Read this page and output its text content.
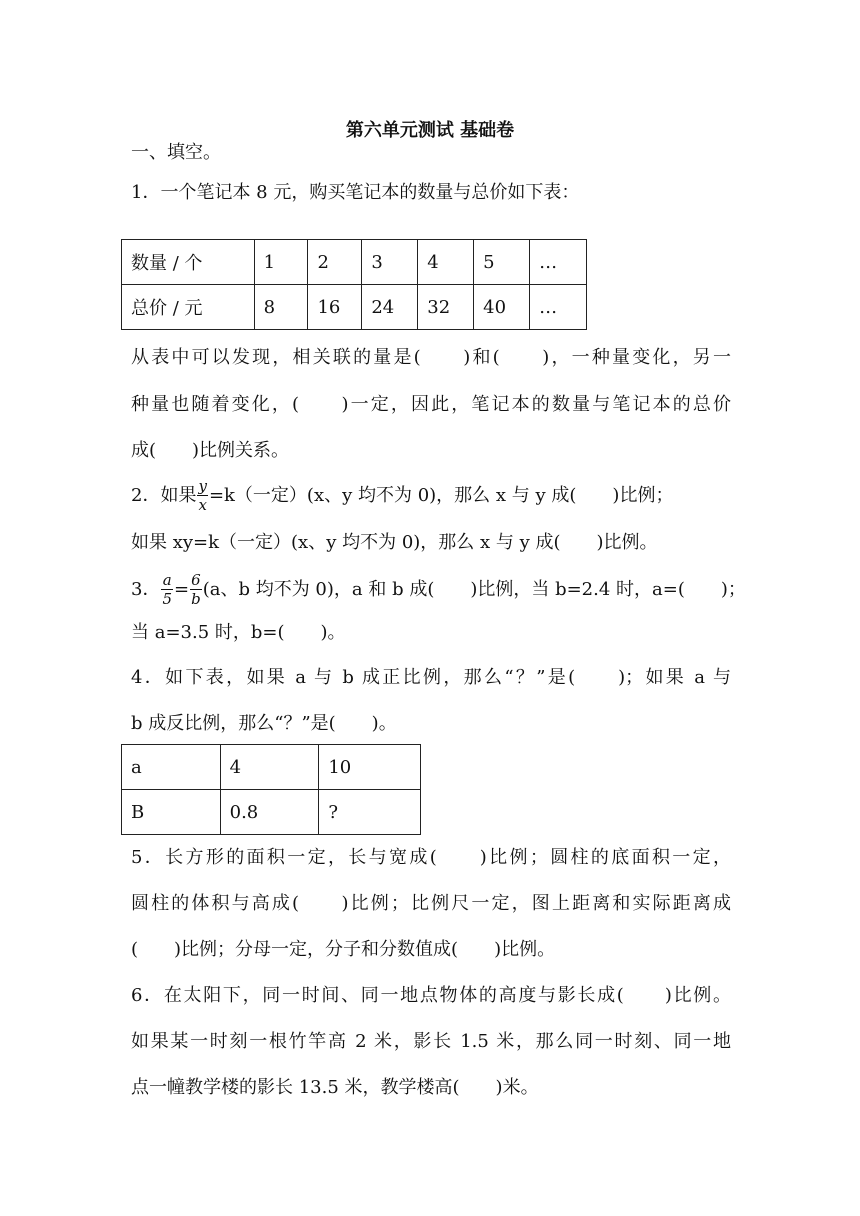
第六单元测试 基础卷
一、填空。
1．一个笔记本 8 元，购买笔记本的数量与总价如下表：
数量 / 个	1	2	3	4	5	…
总价 / 元	8	16	24	32	40	…
从表中可以发现，相关联的量是(　　)和(　　)，一种量变化，另一
种量也随着变化，(　　)一定，因此，笔记本的数量与笔记本的总价
成(　　)比例关系。
2．如果 $\frac{y}{x} =k$（一定）(x、y 均不为 0)，那么 x 与 y 成(　　)比例；
如果 xy=k（一定）(x、y 均不为 0)，那么 x 与 y 成(　　)比例。
3． $\frac{a}{5} = \frac{6}{b} (a$、b 均不为 0)，a 和 b 成(　　)比例，当 b=2.4 时，a=(　　)；
当 a=3.5 时，b=(　　)。
4．如下表，如果 a 与 b 成正比例，那么“？”是(　　)；如果 a 与
b 成反比例，那么“？”是(　　)。
a	4	10
B	0.8	?
5．长方形的面积一定，长与宽成(　　)比例；圆柱的底面积一定，
圆柱的体积与高成(　　)比例；比例尺一定，图上距离和实际距离成
(　　)比例；分母一定，分子和分数值成(　　)比例。
6．在太阳下，同一时间、同一地点物体的高度与影长成(　　)比例。
如果某一时刻一根竹竿高 2 米，影长 1.5 米，那么同一时刻、同一地
点一幢教学楼的影长 13.5 米，教学楼高(　　)米。
